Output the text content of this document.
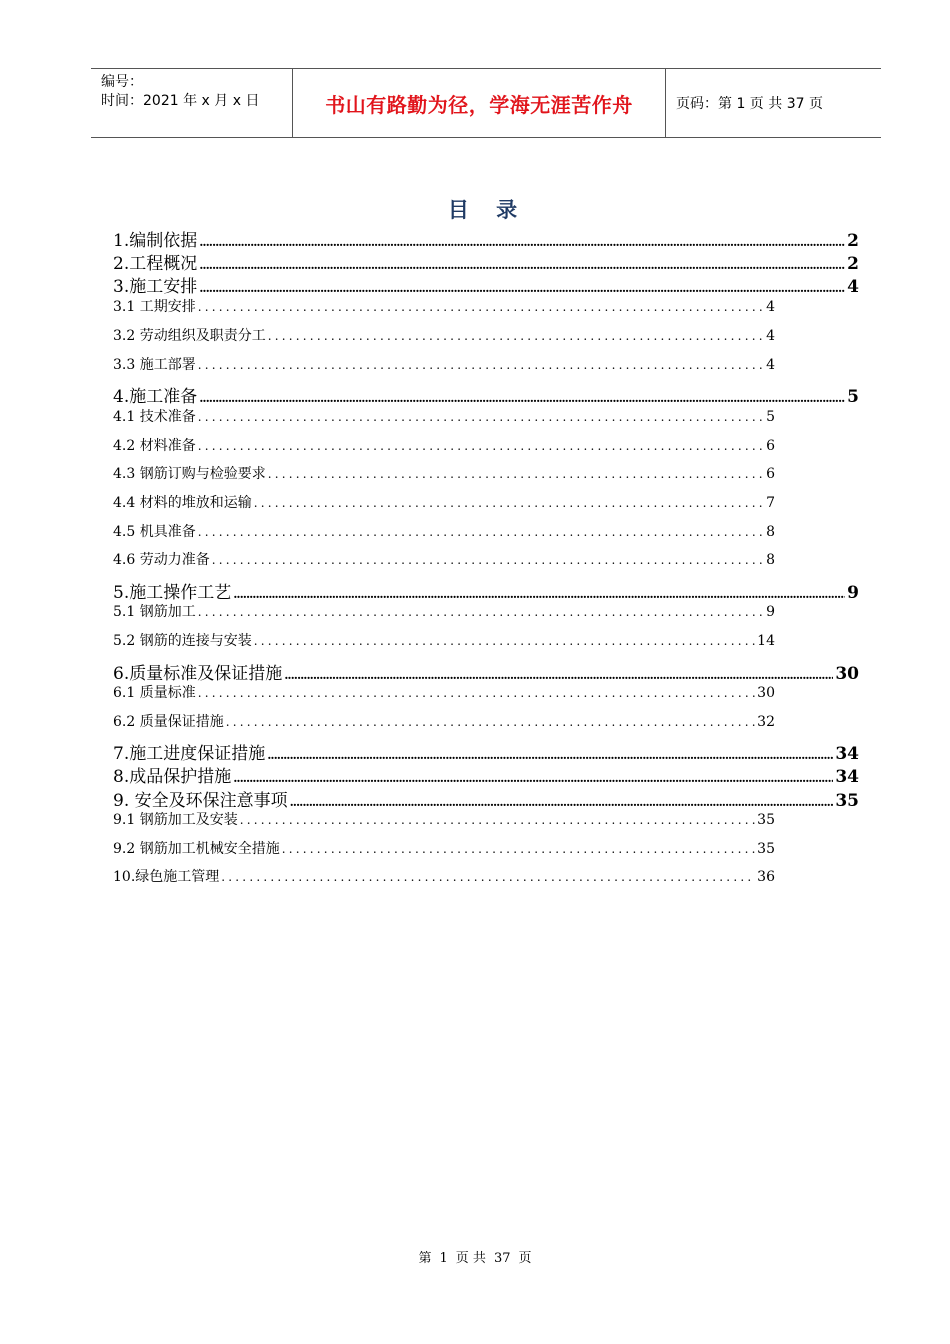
编号：
时间：2021 年 x 月 x 日	书山有路勤为径，学海无涯苦作舟	页码：第 1 页 共 37 页
目 录
1.编制依据 .....	2
2.工程概况 .....	2
3.施工安排 .....	4
3.1 工期安排 .....	4
3.2 劳动组织及职责分工 .....	4
3.3 施工部署 .....	4
4.施工准备 .....	5
4.1 技术准备 .....	5
4.2 材料准备 .....	6
4.3 钢筋订购与检验要求 .....	6
4.4 材料的堆放和运输 .....	7
4.5 机具准备 .....	8
4.6 劳动力准备 .....	8
5.施工操作工艺 .....	9
5.1 钢筋加工 .....	9
5.2 钢筋的连接与安装 .....	14
6.质量标准及保证措施 .....	30
6.1 质量标准 .....	30
6.2 质量保证措施 .....	32
7.施工进度保证措施 .....	34
8.成品保护措施 .....	34
9. 安全及环保注意事项 .....	35
9.1 钢筋加工及安装 .....	35
9.2 钢筋加工机械安全措施 .....	35
10.绿色施工管理 .....	36
第 1 页 共 37 页
